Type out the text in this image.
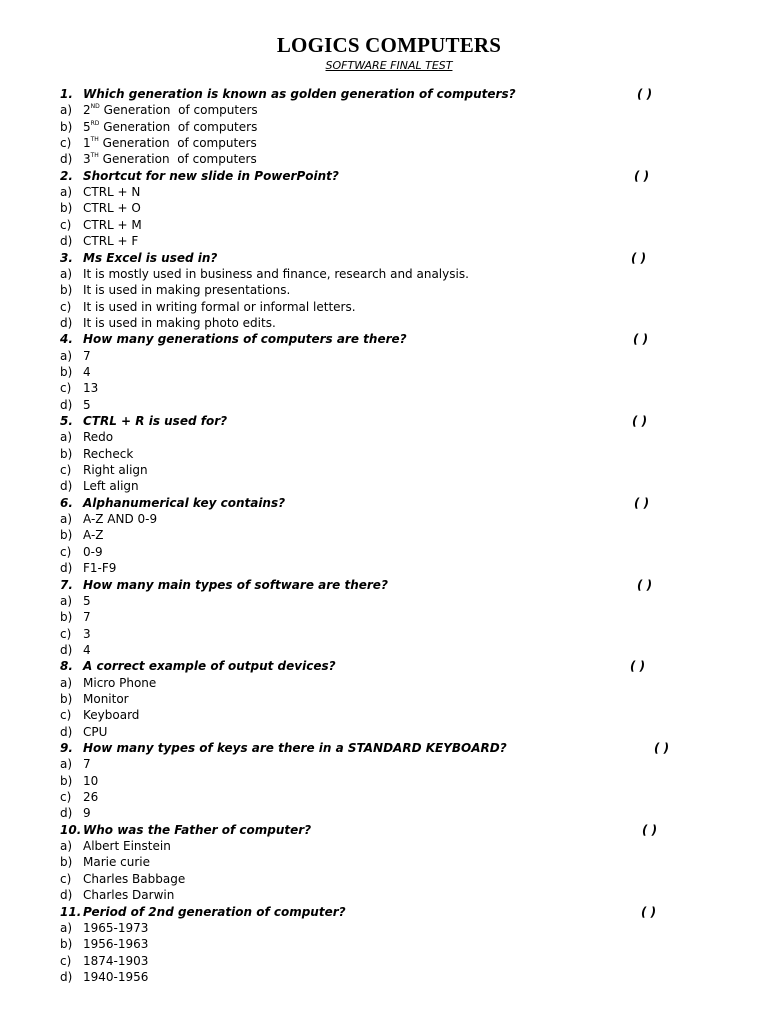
LOGICS COMPUTERS
SOFTWARE FINAL TEST
1. Which generation is known as golden generation of computers?	( )
a) 2ND Generation  of computers
b) 5RD Generation  of computers
c) 1TH Generation  of computers
d) 3TH Generation  of computers
2. Shortcut for new slide in PowerPoint?	( )
a) CTRL + N
b) CTRL + O
c) CTRL + M
d) CTRL + F
3. Ms Excel is used in?	( )
a) It is mostly used in business and finance, research and analysis.
b) It is used in making presentations.
c) It is used in writing formal or informal letters.
d) It is used in making photo edits.
4. How many generations of computers are there?	( )
a) 7
b) 4
c) 13
d) 5
5. CTRL + R is used for?	( )
a) Redo
b) Recheck
c) Right align
d) Left align
6. Alphanumerical key contains?	( )
a) A-Z AND 0-9
b) A-Z
c) 0-9
d) F1-F9
7. How many main types of software are there?	( )
a) 5
b) 7
c) 3
d) 4
8. A correct example of output devices?	( )
a) Micro Phone
b) Monitor
c) Keyboard
d) CPU
9. How many types of keys are there in a STANDARD KEYBOARD?	( )
a) 7
b) 10
c) 26
d) 9
10. Who was the Father of computer?	( )
a) Albert Einstein
b) Marie curie
c) Charles Babbage
d) Charles Darwin
11. Period of 2nd generation of computer?	( )
a) 1965-1973
b) 1956-1963
c) 1874-1903
d) 1940-1956
